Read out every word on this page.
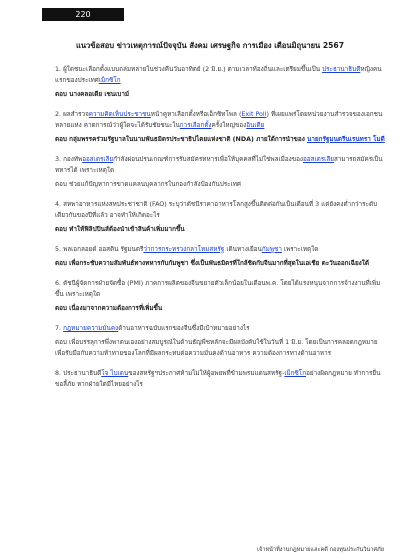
220
แนวข้อสอบ ข่าวเหตุการณ์ปัจจุบัน สังคม เศรษฐกิจ การเมือง เดือนมิถุนายน 2567

1. ผู้ใดชนะเลือกตั้งแบบถล่มทลายในช่วงคืนวันอาทิตย์ (2 มิ.ย.) ตามเวลาท้องถิ่นและเตรียมขึ้นเป็น ประธานาธิบดีหญิงคนแรกของประเทศเม็กซิโก

ตอบ นางคลอเดีย เชนเบาม์

2. ผลสำรวจความคิดเห็นประชาชนหน้าคูหาเลือกตั้งหรือเอ็กซิทโพล (Exit Poll) ที่เผยแพร่โดยหน่วยงานสำรวจของเอกชนหลายแห่ง คาดการณ์ว่าผู้ใดจะได้รับชัยชนะในการเลือกตั้งครั้งใหญ่ของอินเดีย

ตอบ กลุ่มพรรคร่วมรัฐบาลในนามพันธมิตรประชาธิปไตยแห่งชาติ (NDA) ภายใต้การนำของ นายกรัฐมนตรีนเรนทรา โมดี

3. กองทัพออสเตรเลียกำลังผ่อนปรนเกณฑ์การรับสมัครทหารเพื่อให้บุคคลที่ไม่ใช่พลเมืองของออสเตรเลียสามารถสมัครเป็นทหารได้ เพราะเหตุใด

ตอบ ช่วยแก้ปัญหาการขาดแคลนบุคลากรในกองกำลังป้องกันประเทศ

4. สหพาอาหารแห่งสหประชาชาติ (FAO) ระบุว่าดัชนีราคาอาหารโลกสูงขึ้นติดต่อกันเป็นเดือนที่ 3 แต่ยังคงต่ำกว่าระดับเดียวกันของปีที่แล้ว อาจทำให้เกิดอะไร

ตอบ ทำให้ฟิลิปปินส์ต้องนำเข้าสินค้าเพิ่มมากขึ้น

5. พลเอกลอยด์ ออสติน รัฐมนตรีว่าการกระทรวงกลาโหมสหรัฐ เดินทางเยือนกัมพูชา เพราะเหตุใด

ตอบ เพื่อกระชับความสัมพันธ์ทางทหารกับกัมพูชา ซึ่งเป็นพันธมิตรที่ใกล้ชิดกับจีนมากที่สุดในเอเชีย ตะวันออกเฉียงใต้

6. ดัชนีผู้จัดการฝ่ายจัดซื้อ (PMI) ภาคการผลิตของจีนขยายตัวเล็กน้อยในเดือนพ.ค. โดยได้แรงหนุนจากการจ้างงานที่เพิ่มขึ้น เพราะเหตุใด

ตอบ เนื่องมาจากความต้องการที่เพิ่มขึ้น

7. กฎหมายความมั่นคงด้านอาหารฉบับแรกของจีนซึ่งมีเป้าหมายอย่างไร

ตอบ เพื่อบรรลุการพึ่งพาตนเองอย่างสมบูรณ์ในด้านธัญพืชหลักจะมีผลบังคับใช้ในวันที่ 1 มิ.ย. โดยเป็นการคลอดกฎหมายเพื่อรับมือกับความท้าทายของโลกที่มีผลกระทบต่อความมั่นคงด้านอาหาร ความต้องการทางด้านอาหาร

8. ประธานาธิบดีโจ ไบเดนของสหรัฐฯประกาศห้ามไม่ให้ผู้อพยพที่ข้ามพรมแดนสหรัฐ-เม็กซิโกอย่างผิดกฎหมาย ทำการยื่นขอลี้ภัย หากฝ่ายใดมีไหยอย่างไร

เจ้าหน้าที่งานกฎหมายและคดี กองทุนประกันวินาศภัย
